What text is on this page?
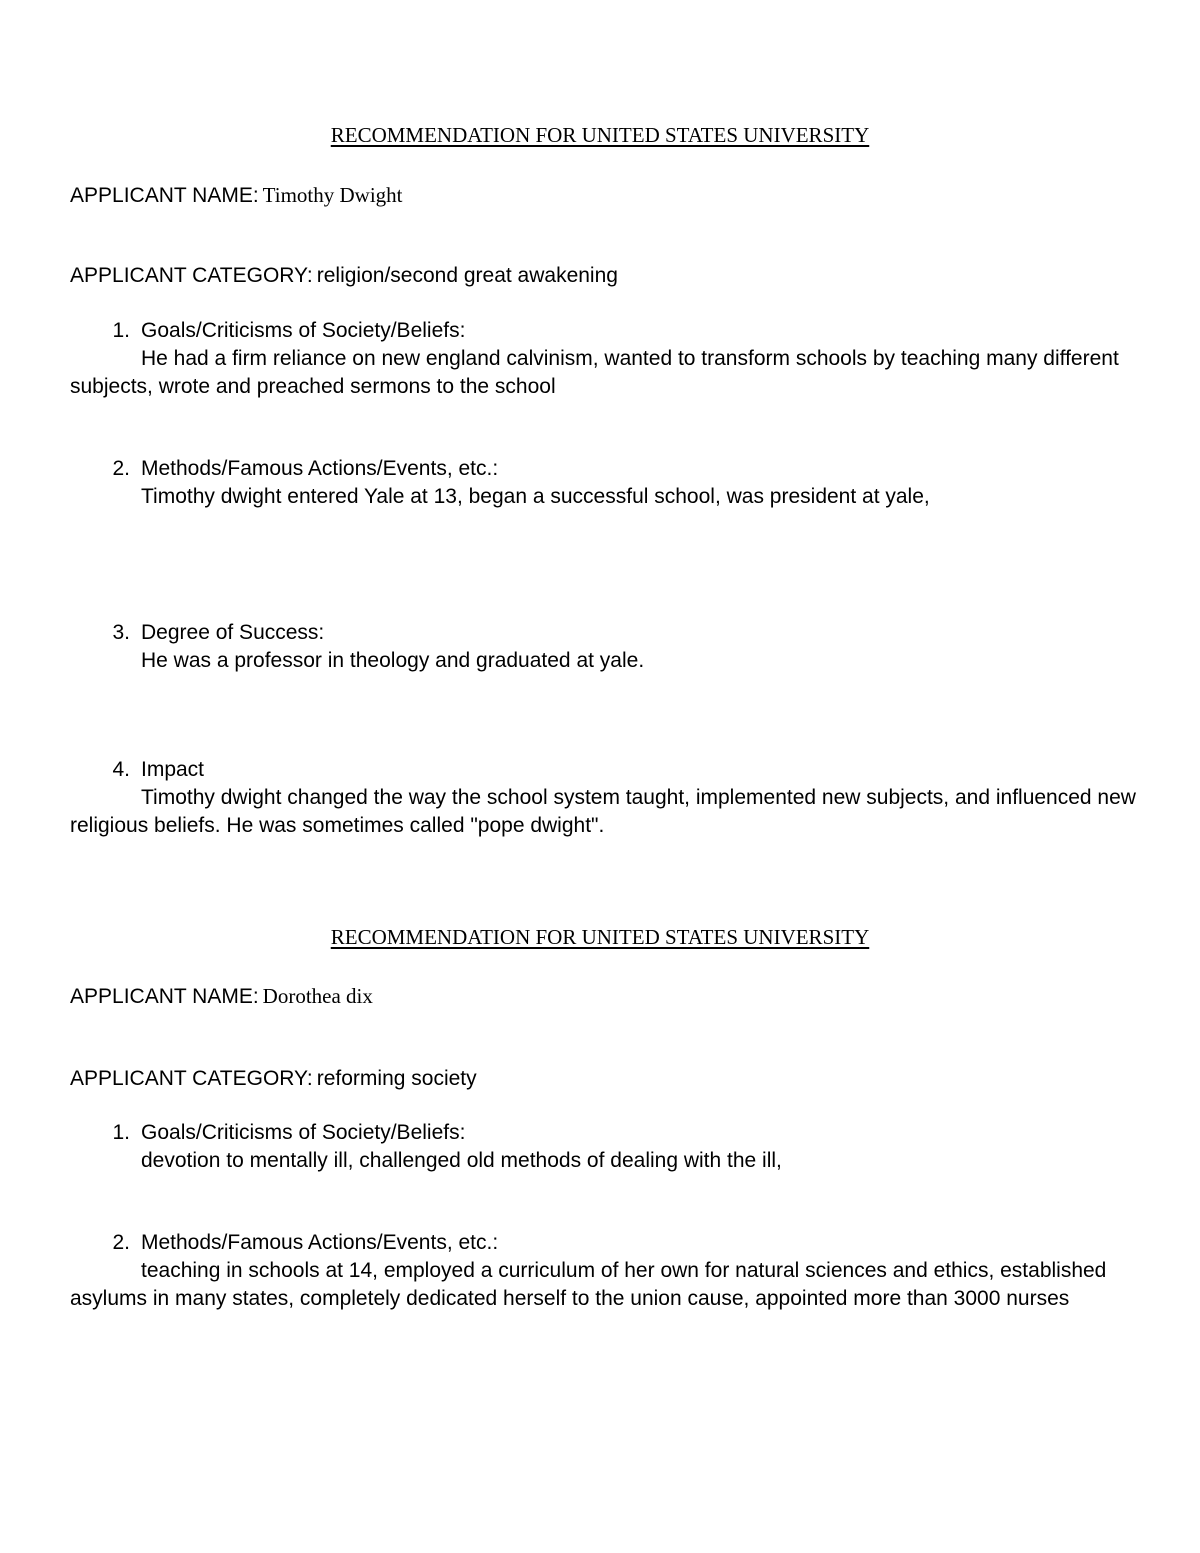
RECOMMENDATION FOR UNITED STATES UNIVERSITY
APPLICANT NAME: Timothy Dwight
APPLICANT CATEGORY: religion/second great awakening
1. Goals/Criticisms of Society/Beliefs:
He had a firm reliance on new england calvinism, wanted to transform schools by teaching many different subjects, wrote and preached sermons to the school
2. Methods/Famous Actions/Events, etc.:
Timothy dwight entered Yale at 13, began a successful school, was president at yale,
3. Degree of Success:
He was a professor in theology and graduated at yale.
4. Impact
Timothy dwight changed the way the school system taught, implemented new subjects, and influenced new religious beliefs. He was sometimes called "pope dwight".
RECOMMENDATION FOR UNITED STATES UNIVERSITY
APPLICANT NAME: Dorothea dix
APPLICANT CATEGORY: reforming society
1. Goals/Criticisms of Society/Beliefs:
devotion to mentally ill, challenged old methods of dealing with the ill,
2. Methods/Famous Actions/Events, etc.:
teaching in schools at 14, employed a curriculum of her own for natural sciences and ethics, established asylums in many states, completely dedicated herself to the union cause, appointed more than 3000 nurses
